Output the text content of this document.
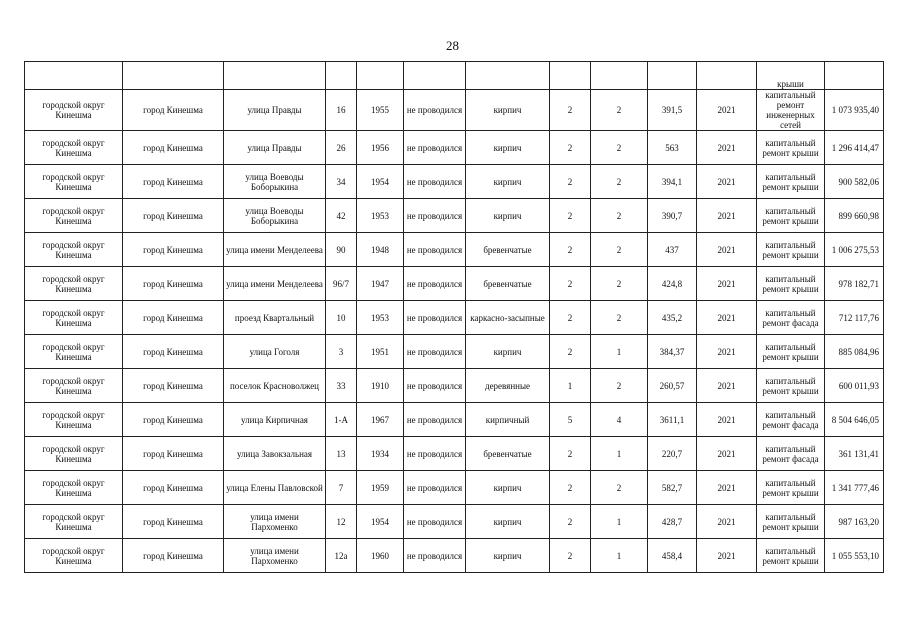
28
											крыши	
городской округ Кинешма	город Кинешма	улица Правды	16	1955	не проводился	кирпич	2	2	391,5	2021	капитальный ремонт инженерных сетей	1 073 935,40
городской округ Кинешма	город Кинешма	улица Правды	26	1956	не проводился	кирпич	2	2	563	2021	капитальный ремонт крыши	1 296 414,47
городской округ Кинешма	город Кинешма	улица Воеводы Боборыкина	34	1954	не проводился	кирпич	2	2	394,1	2021	капитальный ремонт крыши	900 582,06
городской округ Кинешма	город Кинешма	улица Воеводы Боборыкина	42	1953	не проводился	кирпич	2	2	390,7	2021	капитальный ремонт крыши	899 660,98
городской округ Кинешма	город Кинешма	улица имени Менделеева	90	1948	не проводился	бревенчатые	2	2	437	2021	капитальный ремонт крыши	1 006 275,53
городской округ Кинешма	город Кинешма	улица имени Менделеева	96/7	1947	не проводился	бревенчатые	2	2	424,8	2021	капитальный ремонт крыши	978 182,71
городской округ Кинешма	город Кинешма	проезд Квартальный	10	1953	не проводился	каркасно-засыпные	2	2	435,2	2021	капитальный ремонт фасада	712 117,76
городской округ Кинешма	город Кинешма	улица Гоголя	3	1951	не проводился	кирпич	2	1	384,37	2021	капитальный ремонт крыши	885 084,96
городской округ Кинешма	город Кинешма	поселок Красноволжец	33	1910	не проводился	деревянные	1	2	260,57	2021	капитальный ремонт крыши	600 011,93
городской округ Кинешма	город Кинешма	улица Кирпичная	1-А	1967	не проводился	кирпичный	5	4	3611,1	2021	капитальный ремонт фасада	8 504 646,05
городской округ Кинешма	город Кинешма	улица Завокзальная	13	1934	не проводился	бревенчатые	2	1	220,7	2021	капитальный ремонт фасада	361 131,41
городской округ Кинешма	город Кинешма	улица Елены Павловской	7	1959	не проводился	кирпич	2	2	582,7	2021	капитальный ремонт крыши	1 341 777,46
городской округ Кинешма	город Кинешма	улица имени Пархоменко	12	1954	не проводился	кирпич	2	1	428,7	2021	капитальный ремонт крыши	987 163,20
городской округ Кинешма	город Кинешма	улица имени Пархоменко	12а	1960	не проводился	кирпич	2	1	458,4	2021	капитальный ремонт крыши	1 055 553,10
